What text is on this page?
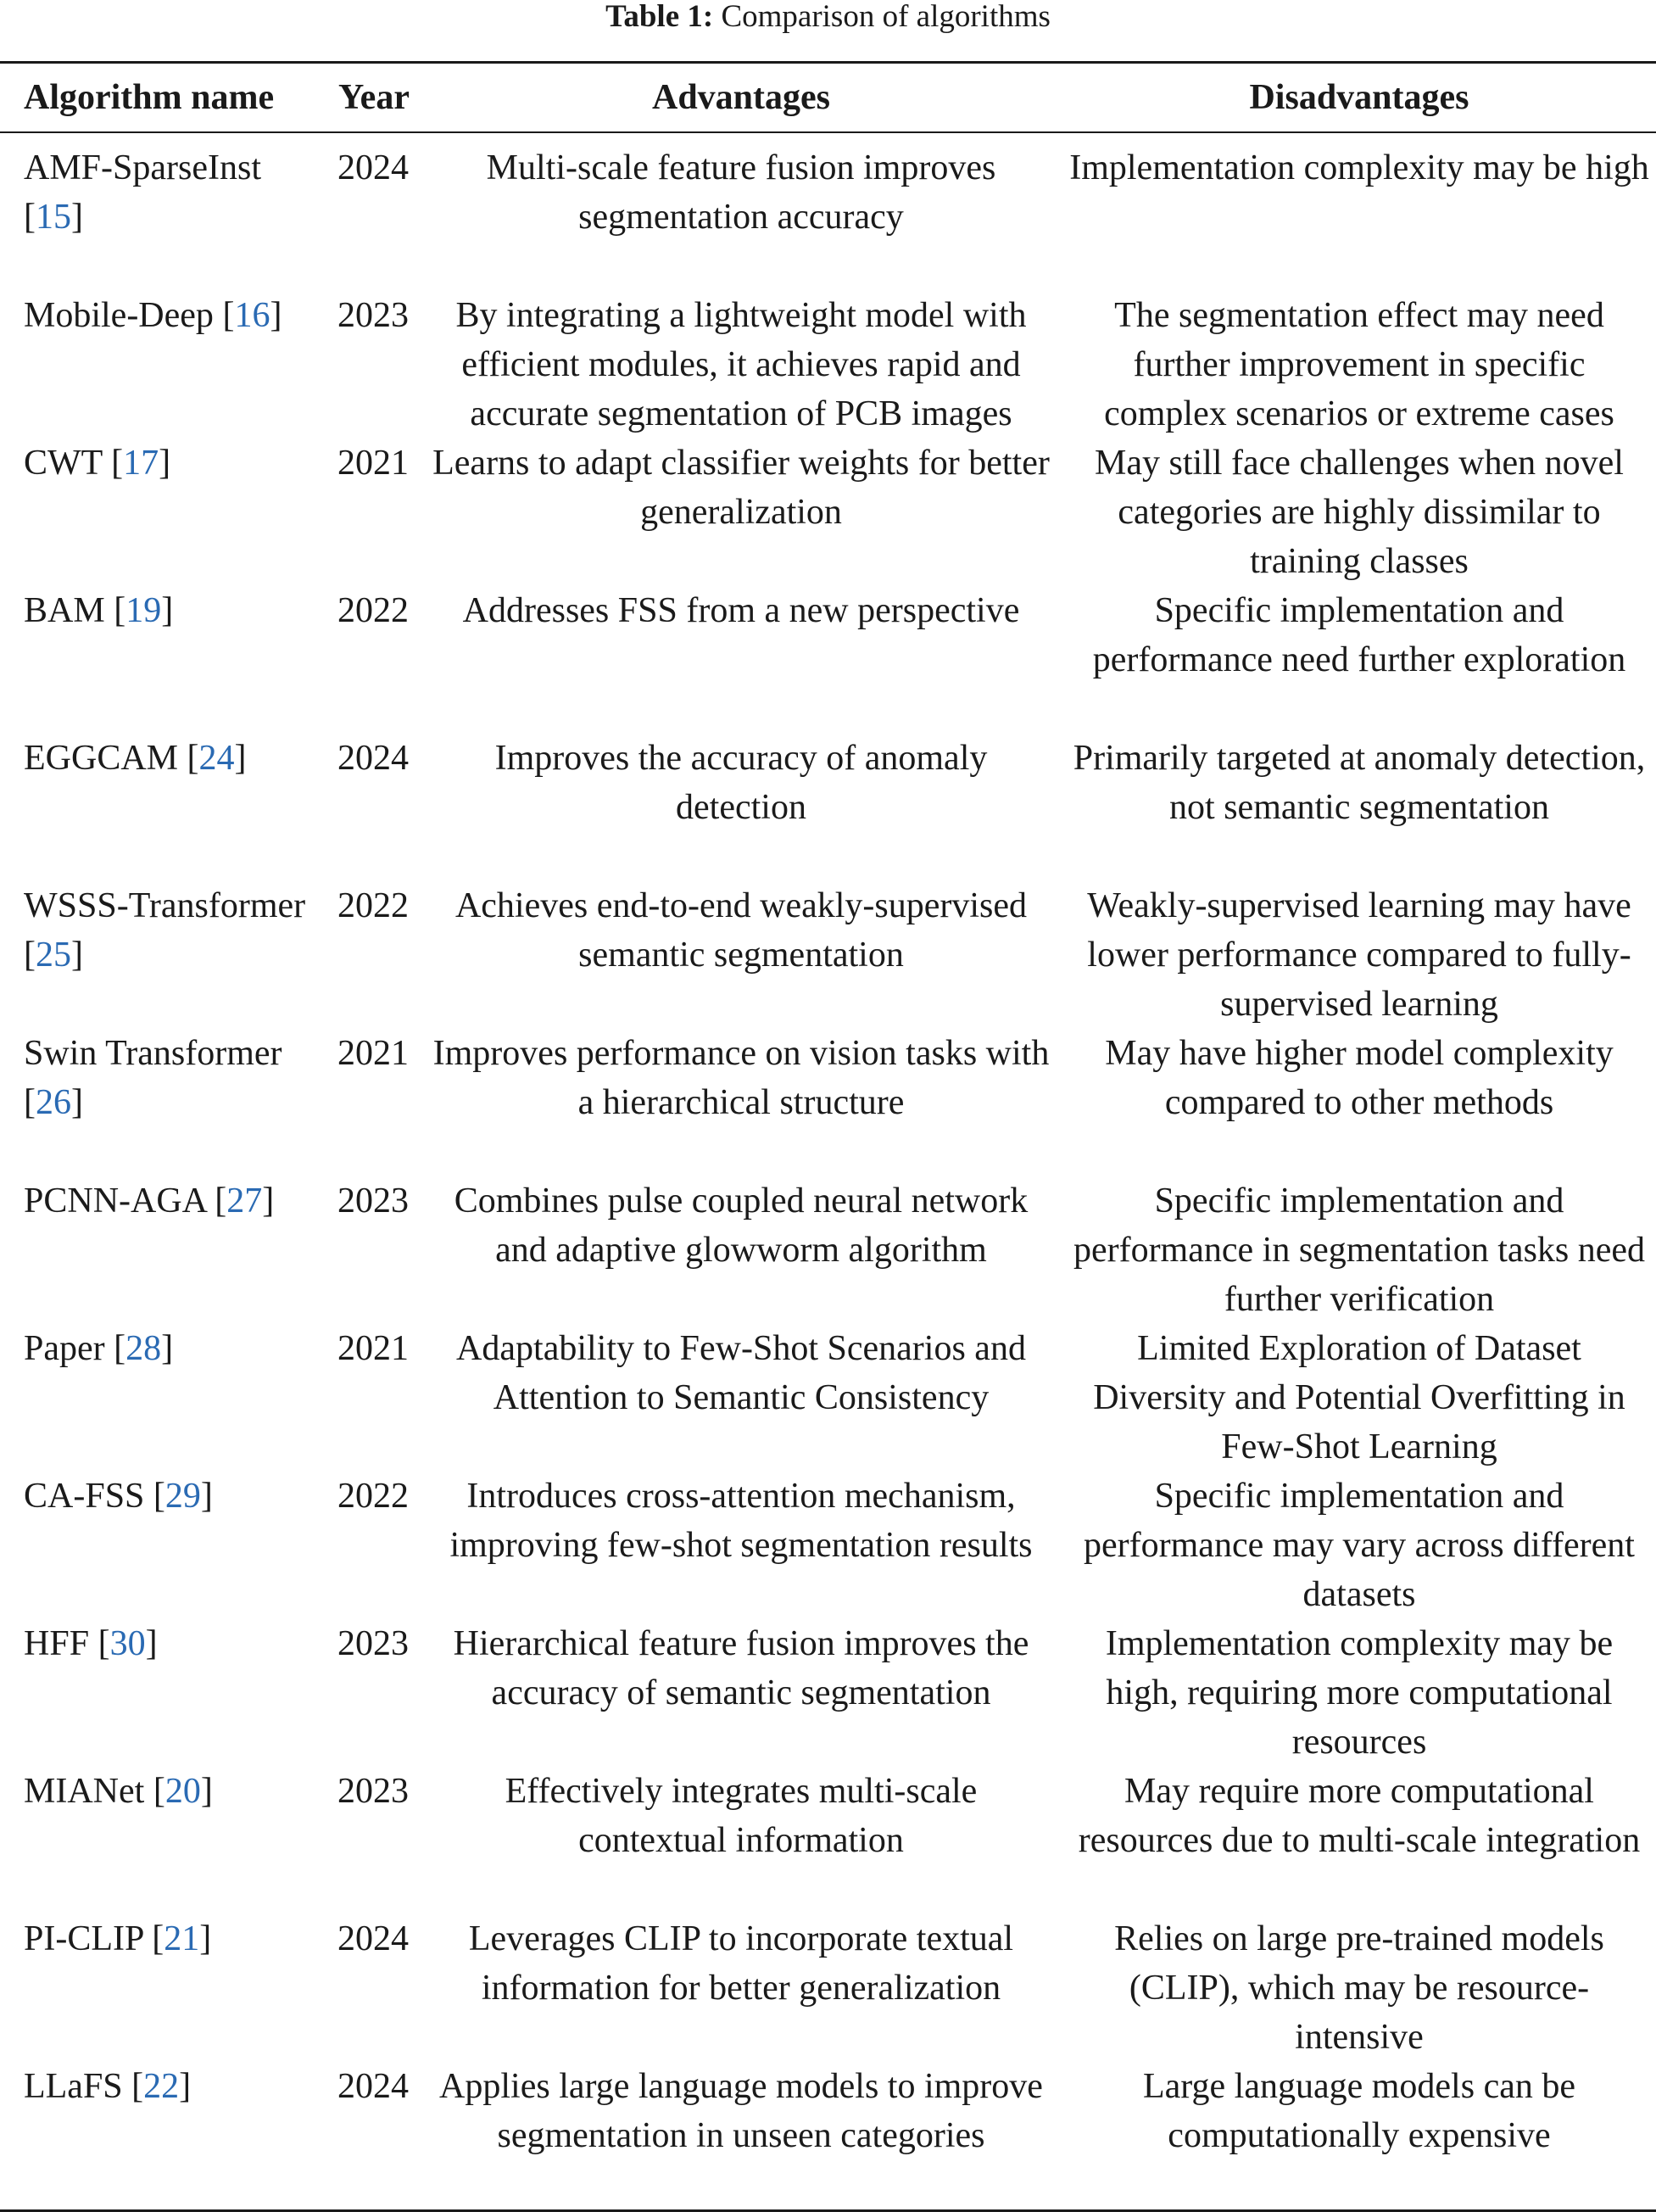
Table 1: Comparison of algorithms
Algorithm name	Year	Advantages	Disadvantages
AMF-SparseInst [15]	2024	Multi-scale feature fusion improves segmentation accuracy	Implementation complexity may be high
Mobile-Deep [16]	2023	By integrating a lightweight model with efficient modules, it achieves rapid and accurate segmentation of PCB images	The segmentation effect may need further improvement in specific complex scenarios or extreme cases
CWT [17]	2021	Learns to adapt classifier weights for better generalization	May still face challenges when novel categories are highly dissimilar to training classes
BAM [19]	2022	Addresses FSS from a new perspective	Specific implementation and performance need further exploration
EGGCAM [24]	2024	Improves the accuracy of anomaly detection	Primarily targeted at anomaly detection, not semantic segmentation
WSSS-Transformer [25]	2022	Achieves end-to-end weakly-supervised semantic segmentation	Weakly-supervised learning may have lower performance compared to fully-supervised learning
Swin Transformer [26]	2021	Improves performance on vision tasks with a hierarchical structure	May have higher model complexity compared to other methods
PCNN-AGA [27]	2023	Combines pulse coupled neural network and adaptive glowworm algorithm	Specific implementation and performance in segmentation tasks need further verification
Paper [28]	2021	Adaptability to Few-Shot Scenarios and Attention to Semantic Consistency	Limited Exploration of Dataset Diversity and Potential Overfitting in Few-Shot Learning
CA-FSS [29]	2022	Introduces cross-attention mechanism, improving few-shot segmentation results	Specific implementation and performance may vary across different datasets
HFF [30]	2023	Hierarchical feature fusion improves the accuracy of semantic segmentation	Implementation complexity may be high, requiring more computational resources
MIANet [20]	2023	Effectively integrates multi-scale contextual information	May require more computational resources due to multi-scale integration
PI-CLIP [21]	2024	Leverages CLIP to incorporate textual information for better generalization	Relies on large pre-trained models (CLIP), which may be resource-intensive
LLaFS [22]	2024	Applies large language models to improve segmentation in unseen categories	Large language models can be computationally expensive
